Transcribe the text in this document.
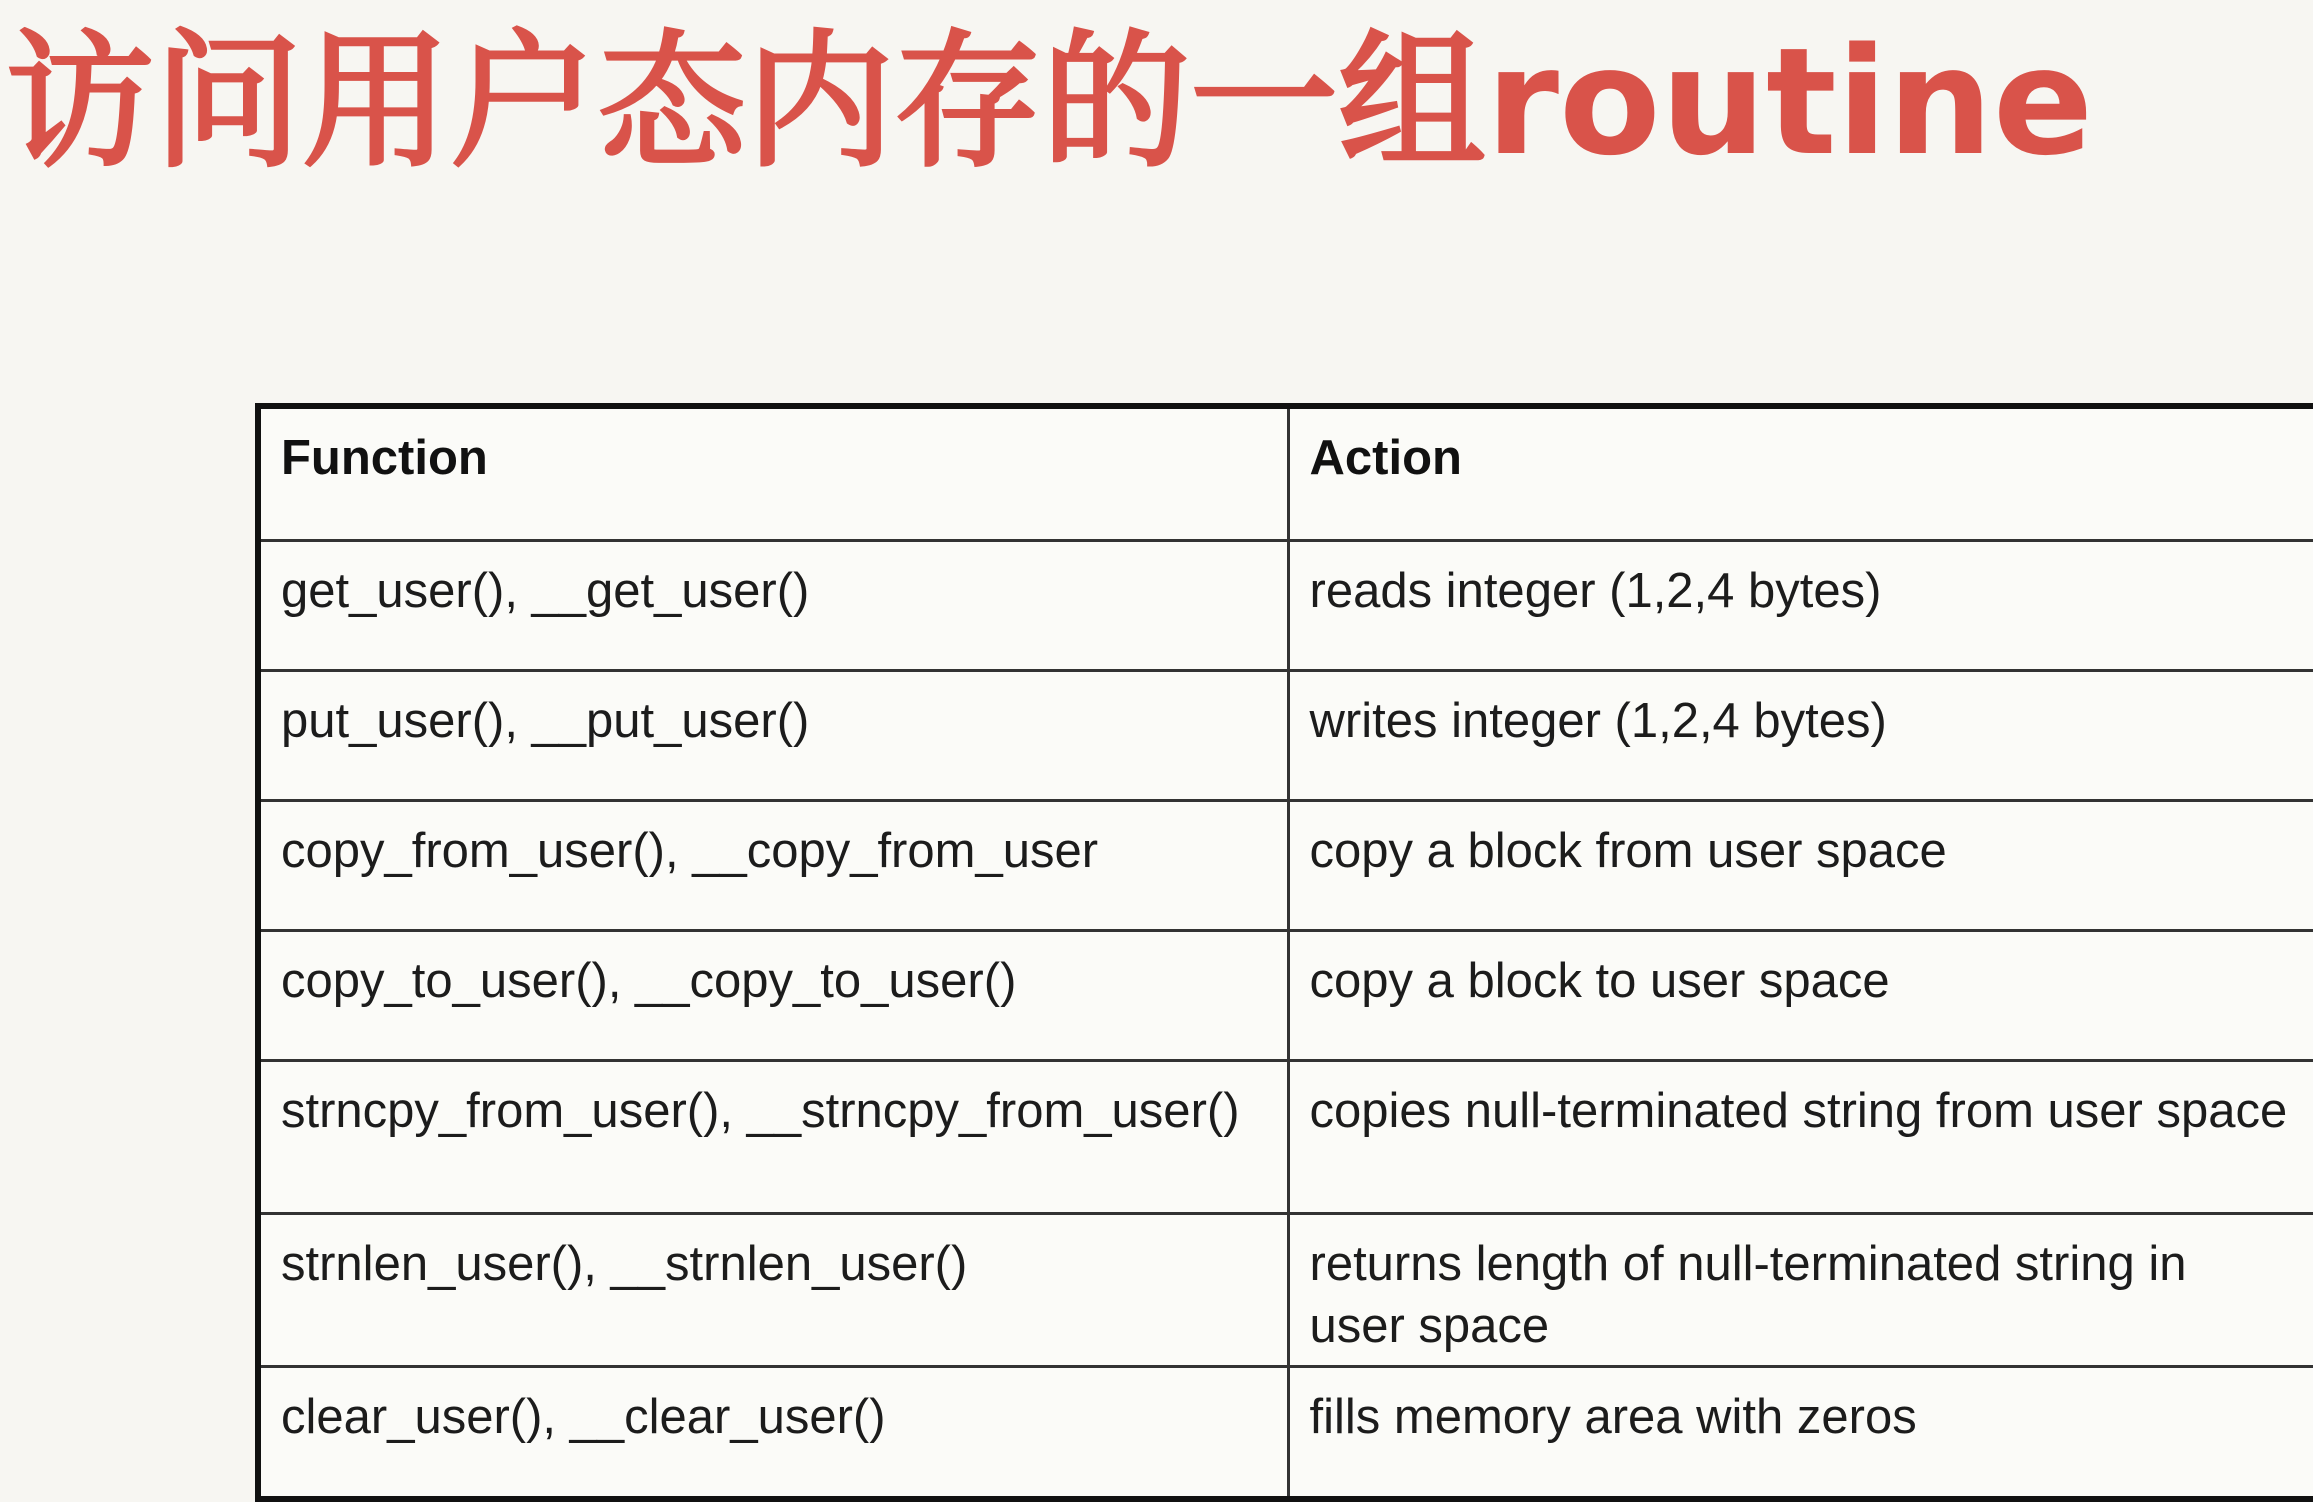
访问用户态内存的一组routine
Function	Action
get_user(), __get_user()	reads integer (1,2,4 bytes)
put_user(), __put_user()	writes integer (1,2,4 bytes)
copy_from_user(), __copy_from_user	copy a block from user space
copy_to_user(), __copy_to_user()	copy a block to user space
strncpy_from_user(), __strncpy_from_user()	copies null-terminated string from user space
strnlen_user(), __strnlen_user()	returns length of null-terminated string in user space
clear_user(), __clear_user()	fills memory area with zeros
